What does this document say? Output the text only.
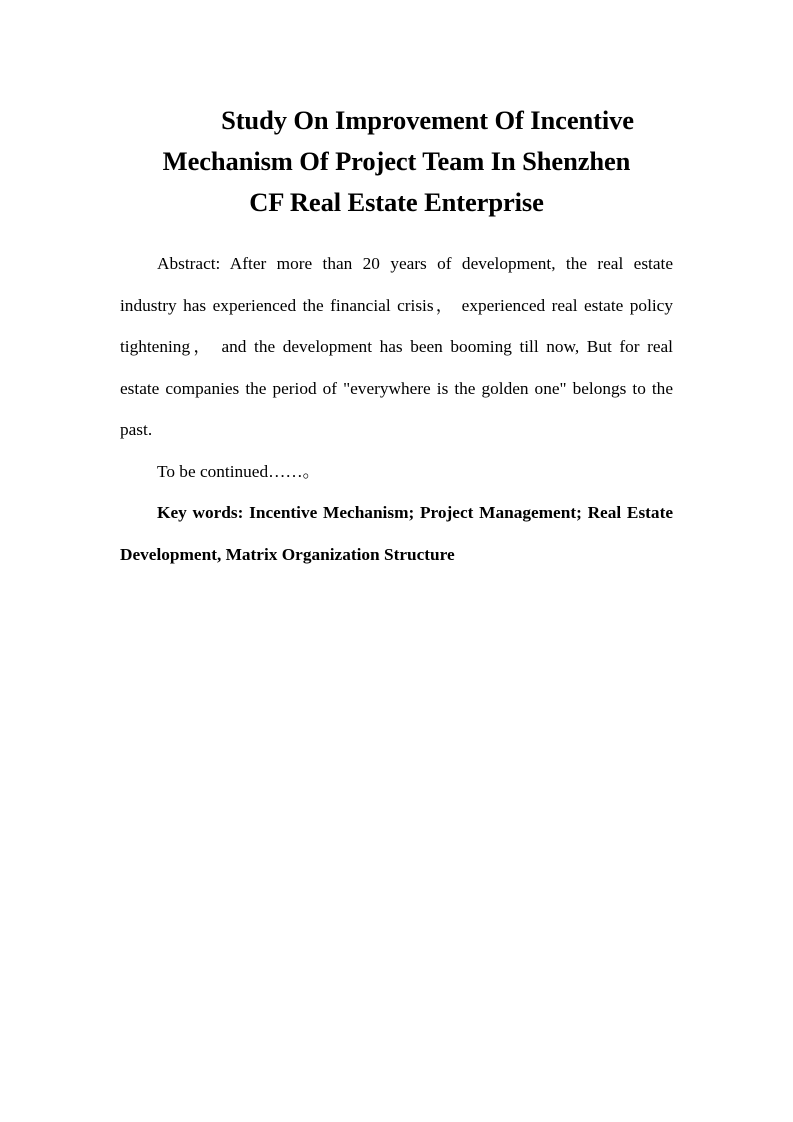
Study On Improvement Of Incentive
Mechanism Of Project Team In Shenzhen
CF Real Estate Enterprise

Abstract: After more than 20 years of development, the real estate industry has experienced the financial crisis， experienced real estate policy tightening， and the development has been booming till now, But for real estate companies the period of "everywhere is the golden one" belongs to the past.

To be continued……。

Key words: Incentive Mechanism; Project Management; Real Estate Development, Matrix Organization Structure
